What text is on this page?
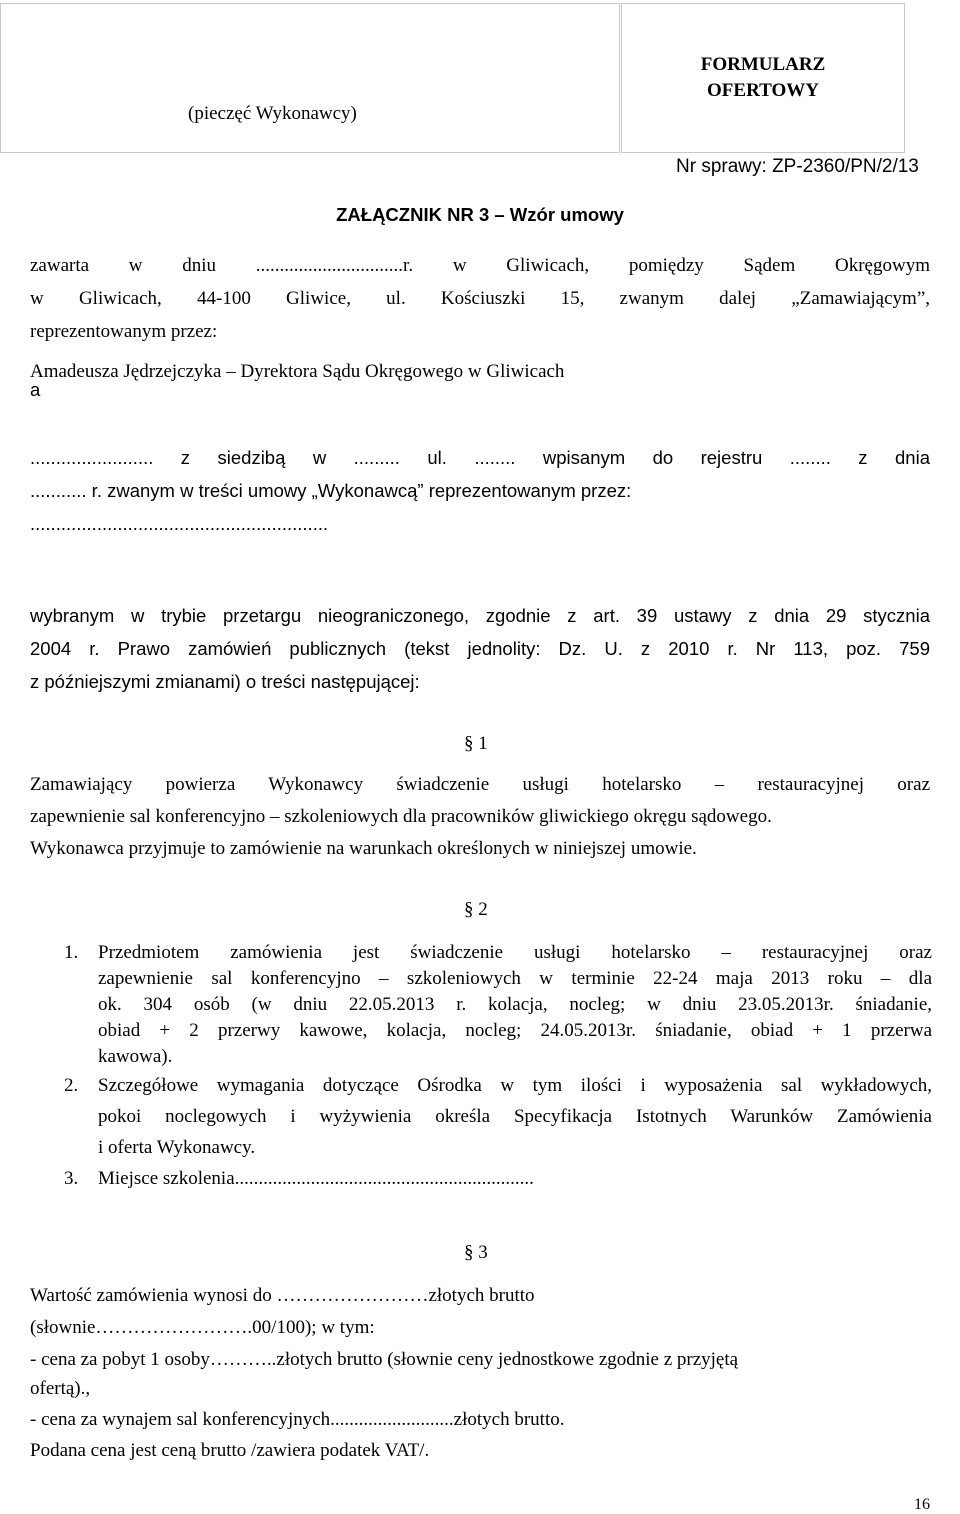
(pieczęć Wykonawcy)
FORMULARZ
OFERTOWY
Nr sprawy: ZP-2360/PN/2/13
ZAŁĄCZNIK NR 3 – Wzór umowy
zawarta w dniu ...............................r. w Gliwicach, pomiędzy Sądem Okręgowym
w Gliwicach, 44-100 Gliwice, ul. Kościuszki 15, zwanym dalej „Zamawiającym”,
reprezentowanym przez:
Amadeusza Jędrzejczyka – Dyrektora Sądu Okręgowego w Gliwicach
a
........................ z siedzibą w ......... ul. ........ wpisanym do rejestru ........ z dnia
........... r. zwanym w treści umowy „Wykonawcą” reprezentowanym przez:
..........................................................
wybranym w trybie przetargu nieograniczonego, zgodnie z art. 39 ustawy z dnia 29 stycznia
2004 r. Prawo zamówień publicznych (tekst jednolity: Dz. U. z 2010 r. Nr 113, poz. 759
z późniejszymi zmianami) o treści następującej:
§ 1
Zamawiający powierza Wykonawcy świadczenie usługi hotelarsko – restauracyjnej oraz
zapewnienie sal konferencyjno – szkoleniowych dla pracowników gliwickiego okręgu sądowego.
Wykonawca przyjmuje to zamówienie na warunkach określonych w niniejszej umowie.
§ 2
1. Przedmiotem zamówienia jest świadczenie usługi hotelarsko – restauracyjnej oraz
zapewnienie sal konferencyjno – szkoleniowych w terminie 22-24 maja 2013 roku – dla
ok. 304 osób (w dniu 22.05.2013 r. kolacja, nocleg; w dniu 23.05.2013r. śniadanie,
obiad + 2 przerwy kawowe, kolacja, nocleg; 24.05.2013r. śniadanie, obiad + 1 przerwa
kawowa).
2. Szczegółowe wymagania dotyczące Ośrodka w tym ilości i wyposażenia sal wykładowych,
pokoi noclegowych i wyżywienia określa Specyfikacja Istotnych Warunków Zamówienia
i oferta Wykonawcy.
3. Miejsce szkolenia...............................................................
§ 3
Wartość zamówienia wynosi do ……………………złotych brutto
(słownie…………………….00/100); w tym:
- cena za pobyt 1 osoby………..złotych brutto (słownie ceny jednostkowe zgodnie z przyjętą
ofertą).,
- cena za wynajem sal konferencyjnych..........................złotych brutto.
Podana cena jest ceną brutto /zawiera podatek VAT/.
16
